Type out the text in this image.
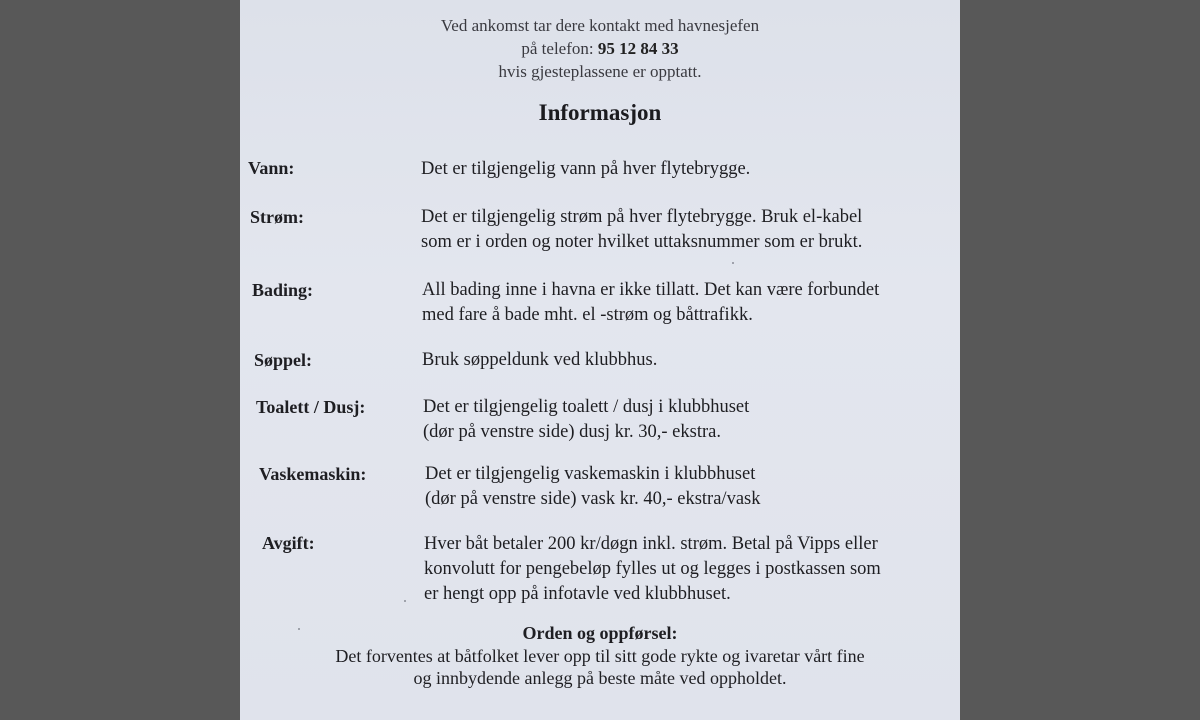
Ved ankomst tar dere kontakt med havnesjefen
på telefon: 95 12 84 33
hvis gjesteplassene er opptatt.
Informasjon
Vann:	Det er tilgjengelig vann på hver flytebrygge.
Strøm:	Det er tilgjengelig strøm på hver flytebrygge. Bruk el-kabel
som er i orden og noter hvilket uttaksnummer som er brukt.
Bading:	All bading inne i havna er ikke tillatt. Det kan være forbundet
med fare å bade mht. el -strøm og båttrafikk.
Søppel:	Bruk søppeldunk ved klubbhus.
Toalett / Dusj:	Det er tilgjengelig toalett / dusj i klubbhuset
(dør på venstre side) dusj kr. 30,- ekstra.
Vaskemaskin:	Det er tilgjengelig vaskemaskin i klubbhuset
(dør på venstre side) vask kr. 40,- ekstra/vask
Avgift:	Hver båt betaler 200 kr/døgn inkl. strøm. Betal på Vipps eller
konvolutt for pengebeløp fylles ut og legges i postkassen som
er hengt opp på infotavle ved klubbhuset.
Orden og oppførsel:
Det forventes at båtfolket lever opp til sitt gode rykte og ivaretar vårt fine
og innbydende anlegg på beste måte ved oppholdet.
